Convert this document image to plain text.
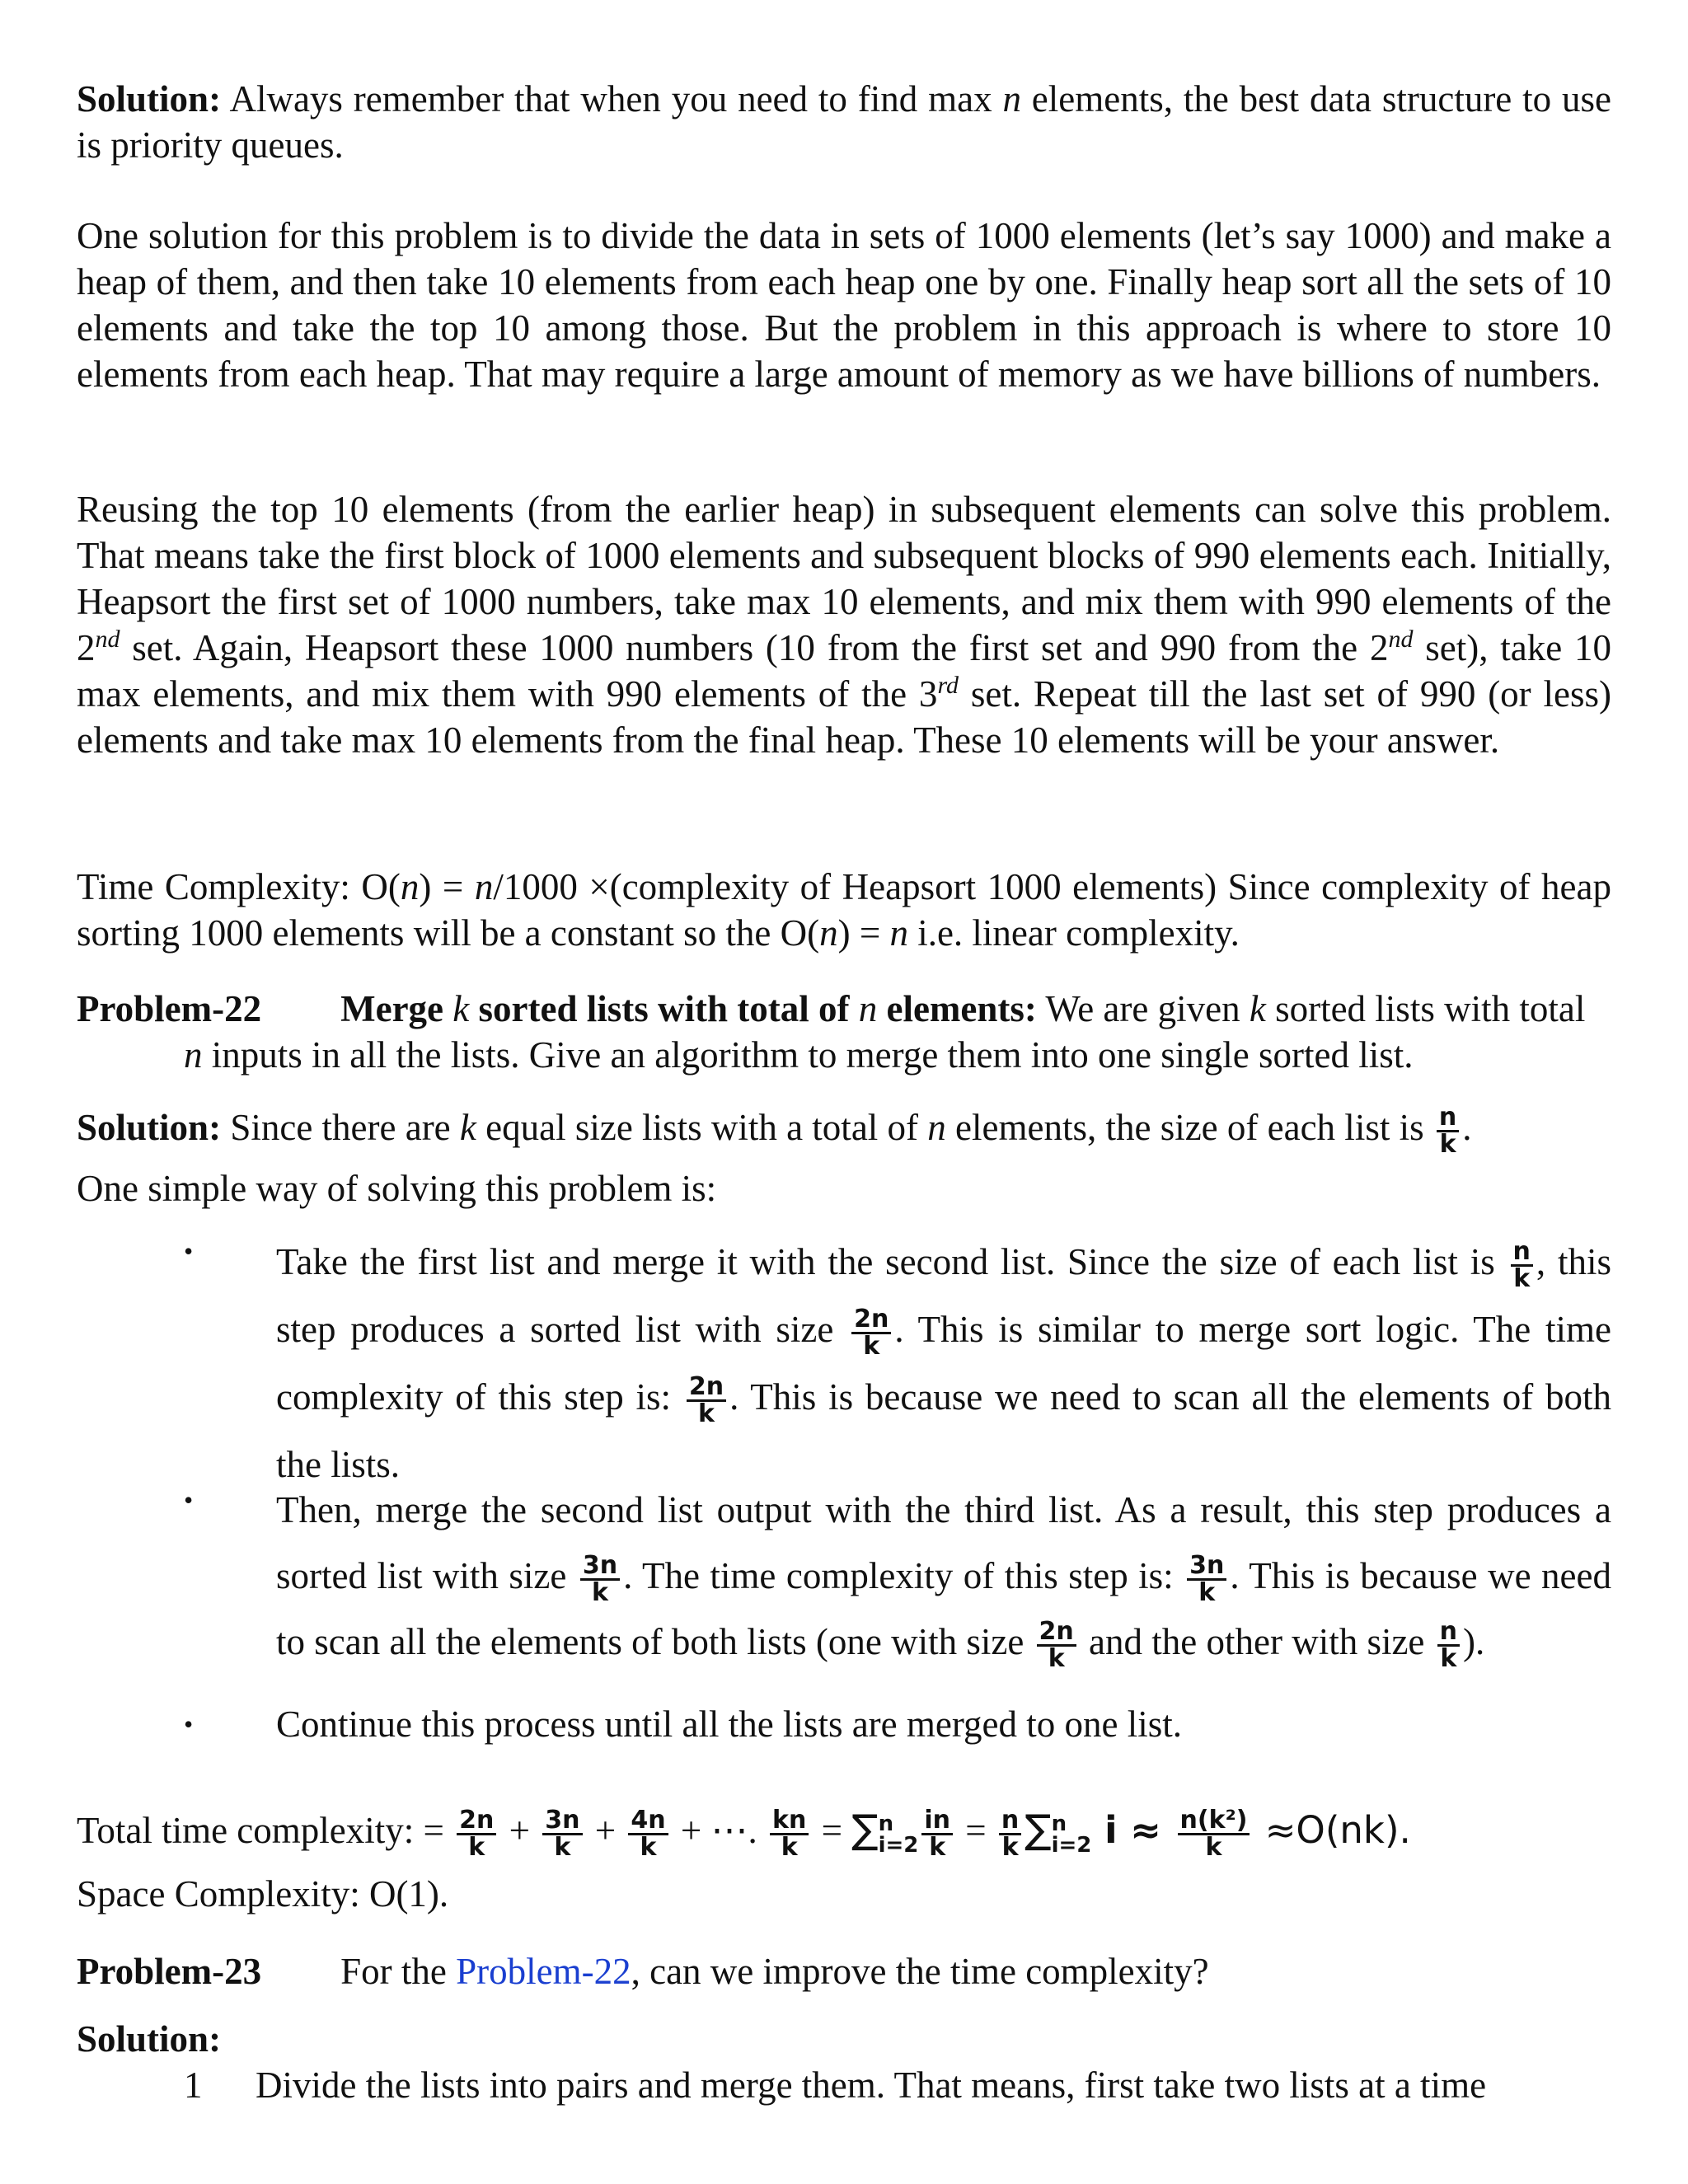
Solution: Always remember that when you need to find max n elements, the best data structure to use is priority queues.

One solution for this problem is to divide the data in sets of 1000 elements (let’s say 1000) and make a heap of them, and then take 10 elements from each heap one by one. Finally heap sort all the sets of 10 elements and take the top 10 among those. But the problem in this approach is where to store 10 elements from each heap. That may require a large amount of memory as we have billions of numbers.

Reusing the top 10 elements (from the earlier heap) in subsequent elements can solve this problem. That means take the first block of 1000 elements and subsequent blocks of 990 elements each. Initially, Heapsort the first set of 1000 numbers, take max 10 elements, and mix them with 990 elements of the 2nd set. Again, Heapsort these 1000 numbers (10 from the first set and 990 from the 2nd set), take 10 max elements, and mix them with 990 elements of the 3rd set. Repeat till the last set of 990 (or less) elements and take max 10 elements from the final heap. These 10 elements will be your answer.

Time Complexity: O(n) = n/1000 ×(complexity of Heapsort 1000 elements) Since complexity of heap sorting 1000 elements will be a constant so the O(n) = n i.e. linear complexity.

Problem-22 Merge k sorted lists with total of n elements: We are given k sorted lists with total

n inputs in all the lists. Give an algorithm to merge them into one single sorted list.

Solution: Since there are k equal size lists with a total of n elements, the size of each list is $\frac{n}{k}$ .

One simple way of solving this problem is:

• Take the first list and merge it with the second list. Since the size of each list is $\frac{n}{k}$ , this step produces a sorted list with size $\frac{2n}{k}$ . This is similar to merge sort logic. The time complexity of this step is: $\frac{2n}{k}$ . This is because we need to scan all the elements of both the lists.
• Then, merge the second list output with the third list. As a result, this step produces a sorted list with size $\frac{3n}{k}$ . The time complexity of this step is: $\frac{3n}{k}$ . This is because we need to scan all the elements of both lists (one with size $\frac{2n}{k}$ and the other with size $\frac{n}{k}$ ).
• Continue this process until all the lists are merged to one list.
Total time complexity: = $\frac{2n}{k} + \frac{3n}{k} + \frac{4n}{k}$ + ⋯. $\frac{kn}{k}$ = ∑ n
$i=2 \frac{in}{k} = \frac{n}{k}$ ∑ n
i=2 $i \approx \frac{\text{n(k²)}}{k} \approx O(nk)$.

Space Complexity: O(1).

Problem-23 For the Problem-22, can we improve the time complexity?

Solution:

1 Divide the lists into pairs and merge them. That means, first take two lists at a time
